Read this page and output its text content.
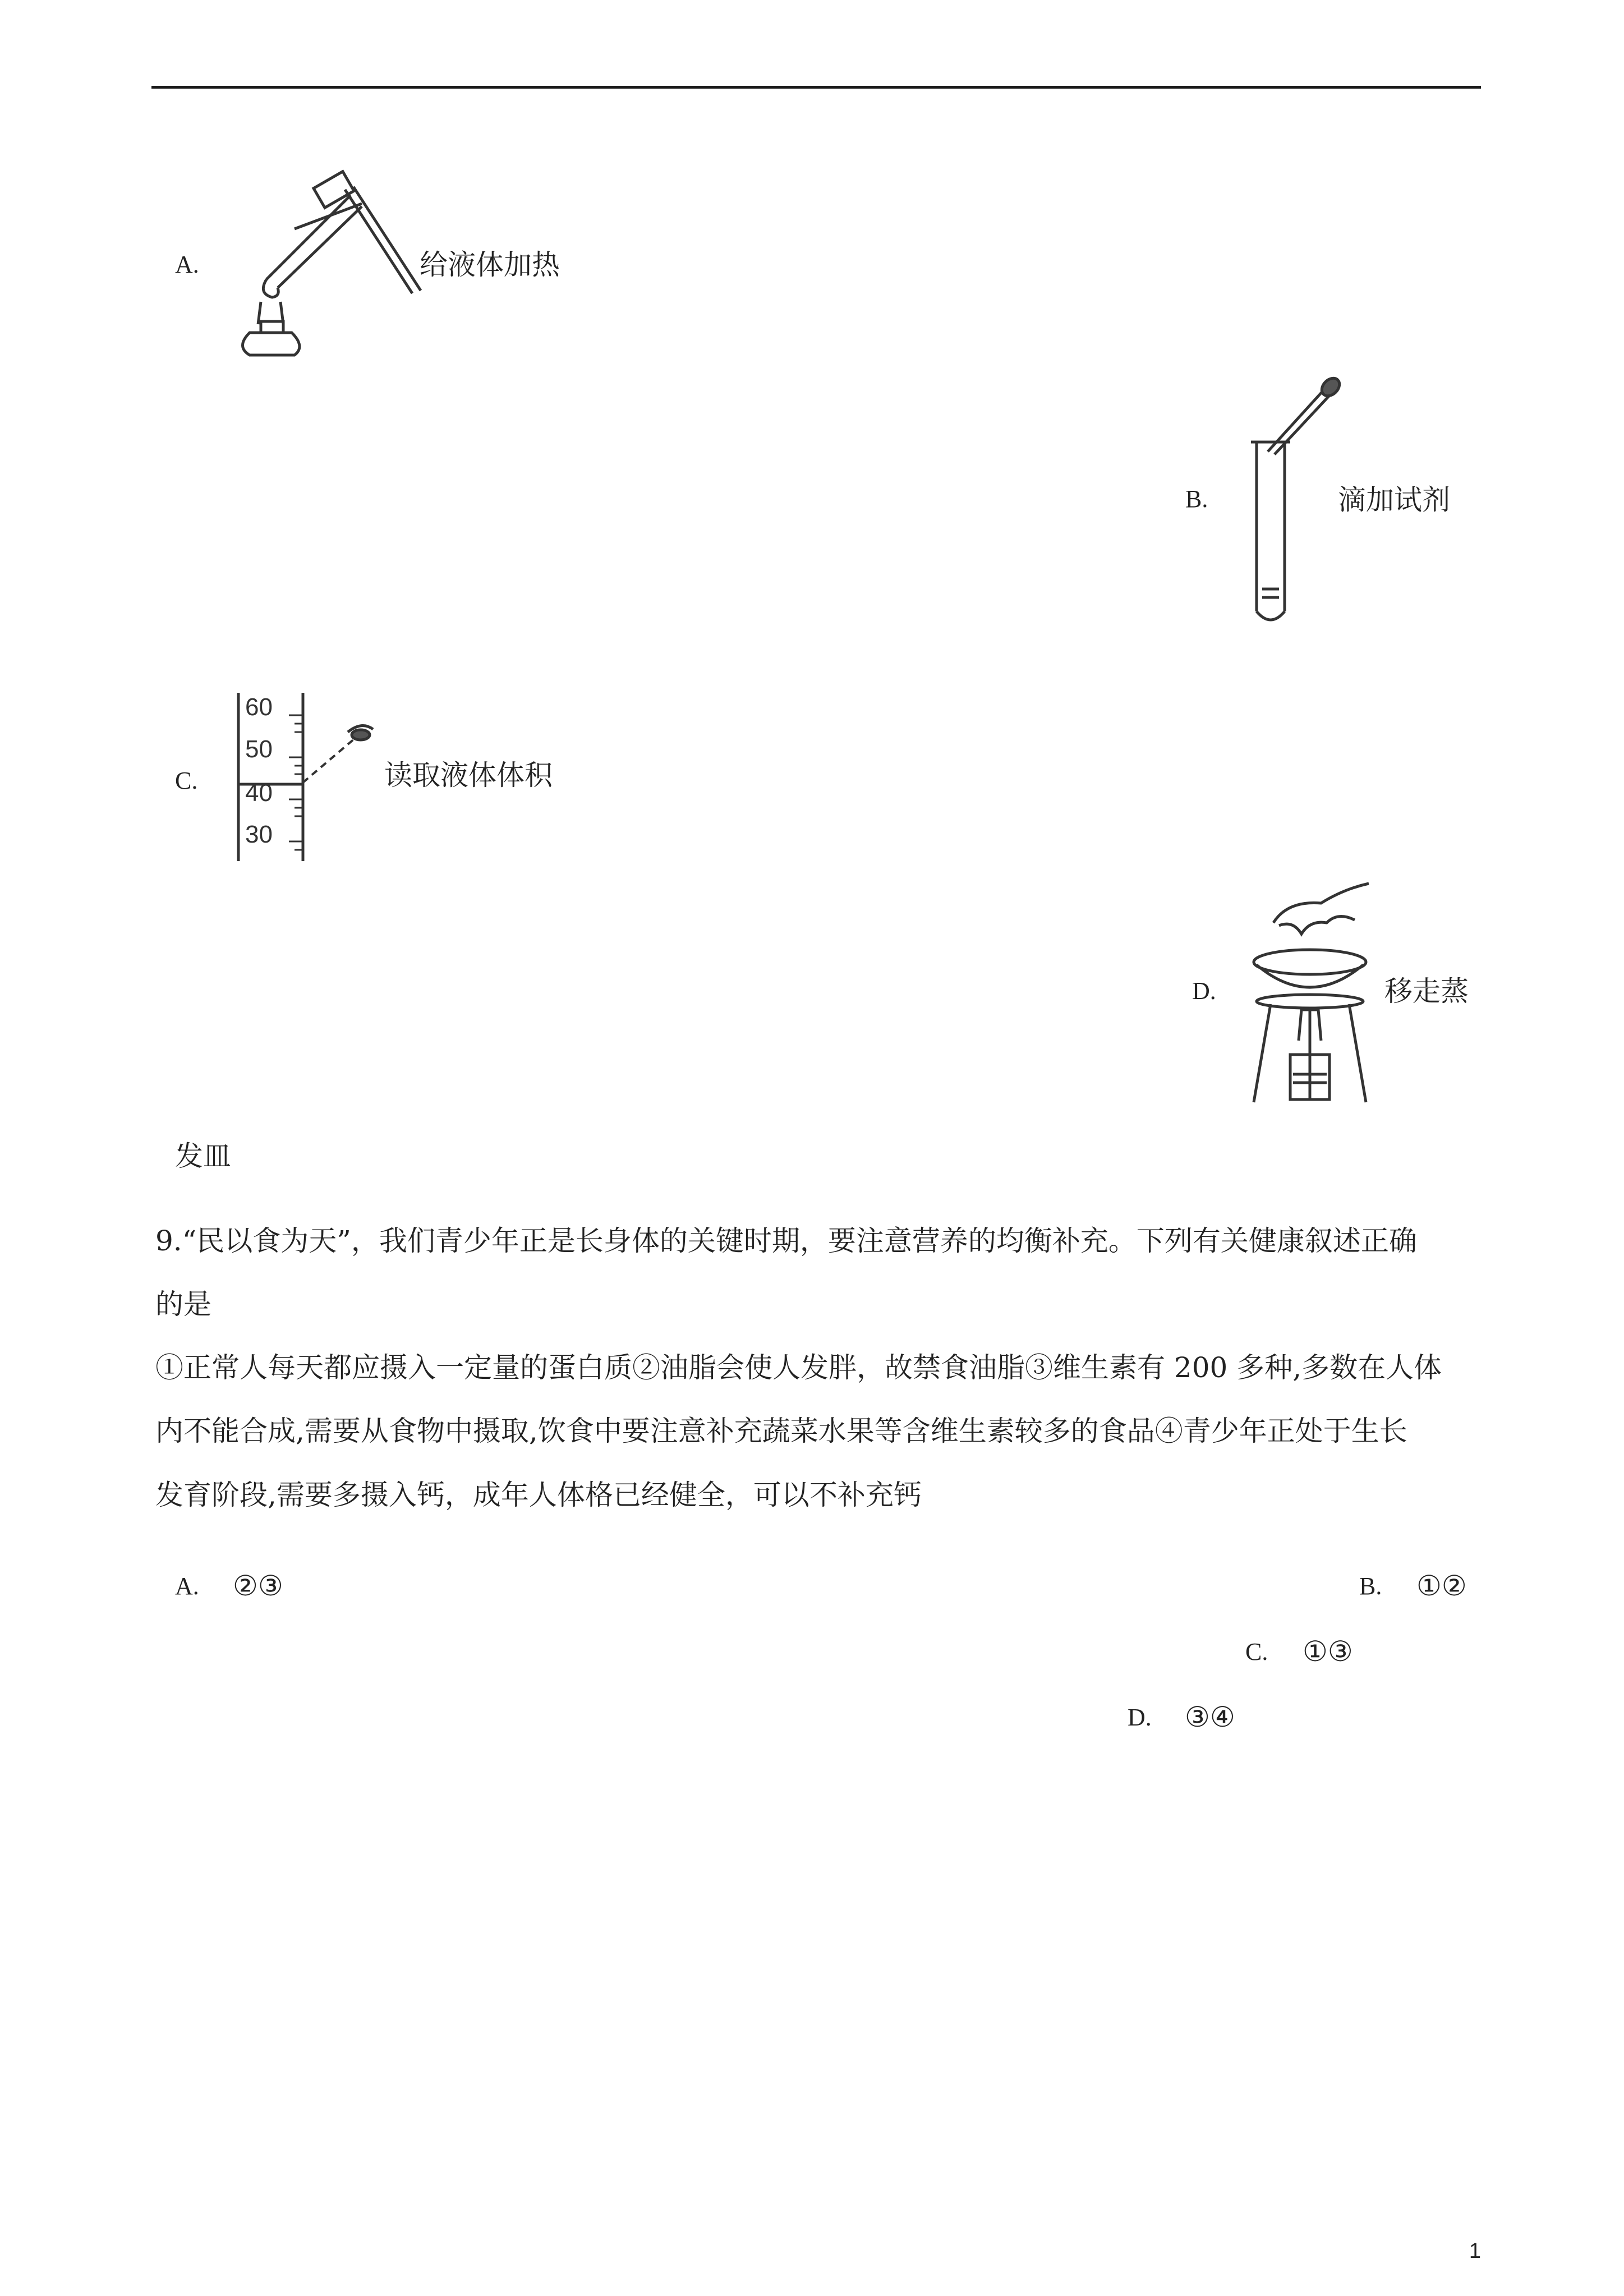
A.	给液体加热
B.	滴加试剂
C.
60
50
40
30
读取液体体积
D.	移走蒸
发皿
9.“民以食为天”，我们青少年正是长身体的关键时期，要注意营养的均衡补充。下列有关健康叙述正确
的是
①正常人每天都应摄入一定量的蛋白质②油脂会使人发胖，故禁食油脂③维生素有 200 多种,多数在人体
内不能合成,需要从食物中摄取,饮食中要注意补充蔬菜水果等含维生素较多的食品④青少年正处于生长
发育阶段,需要多摄入钙，成年人体格已经健全，可以不补充钙
A. ②③	B. ①②
C. ①③
D. ③④
1
